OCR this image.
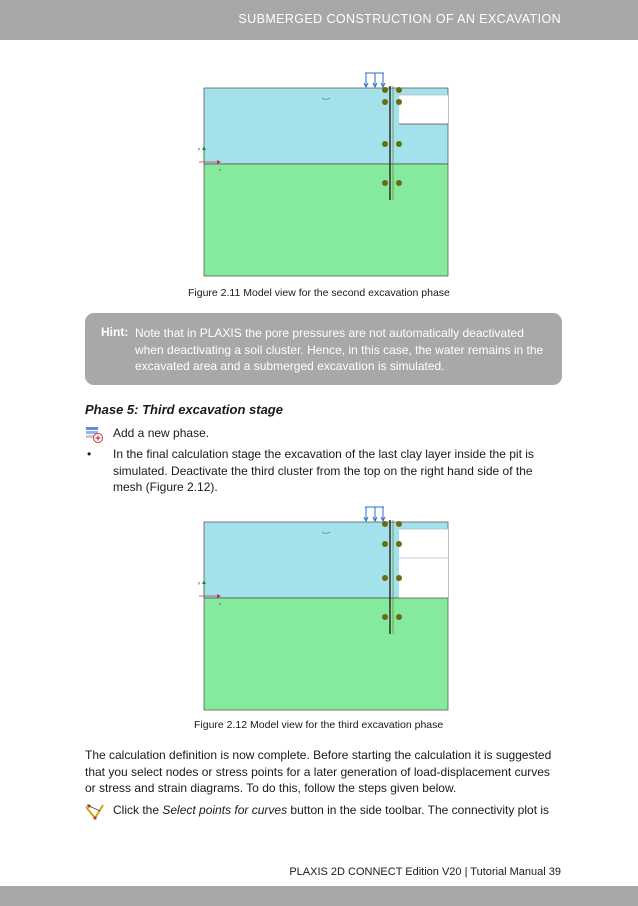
SUBMERGED CONSTRUCTION OF AN EXCAVATION
y
x
Figure 2.11 Model view for the second excavation phase
Hint: Note that in PLAXIS the pore pressures are not automatically deactivated when deactivating a soil cluster. Hence, in this case, the water remains in the excavated area and a submerged excavation is simulated.
Phase 5: Third excavation stage
Add a new phase.
• In the final calculation stage the excavation of the last clay layer inside the pit is simulated. Deactivate the third cluster from the top on the right hand side of the mesh (Figure 2.12).
y
x
Figure 2.12 Model view for the third excavation phase
The calculation definition is now complete. Before starting the calculation it is suggested that you select nodes or stress points for a later generation of load-displacement curves or stress and strain diagrams. To do this, follow the steps given below.
Click the Select points for curves button in the side toolbar. The connectivity plot is
PLAXIS 2D CONNECT Edition V20 | Tutorial Manual 39
